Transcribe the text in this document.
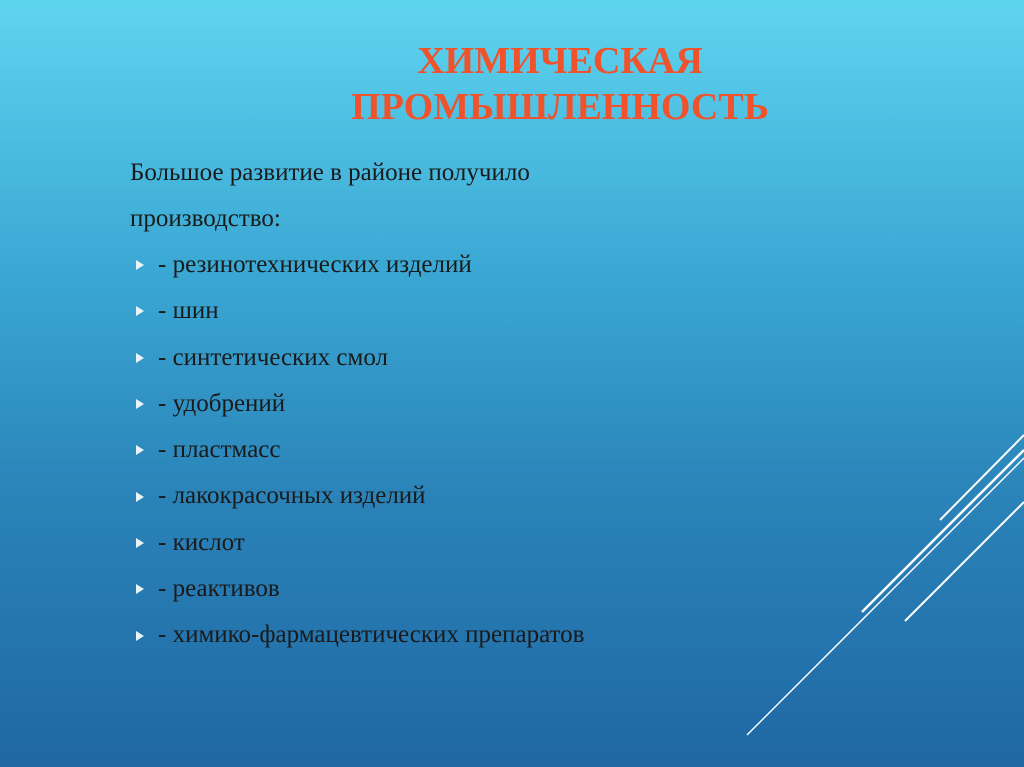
ХИМИЧЕСКАЯ
ПРОМЫШЛЕННОСТЬ

Большое развитие в районе получило
производство:

- резинотехнических изделий
- шин
- синтетических смол
- удобрений
- пластмасс
- лакокрасочных изделий
- кислот
- реактивов
- химико-фармацевтических препаратов
